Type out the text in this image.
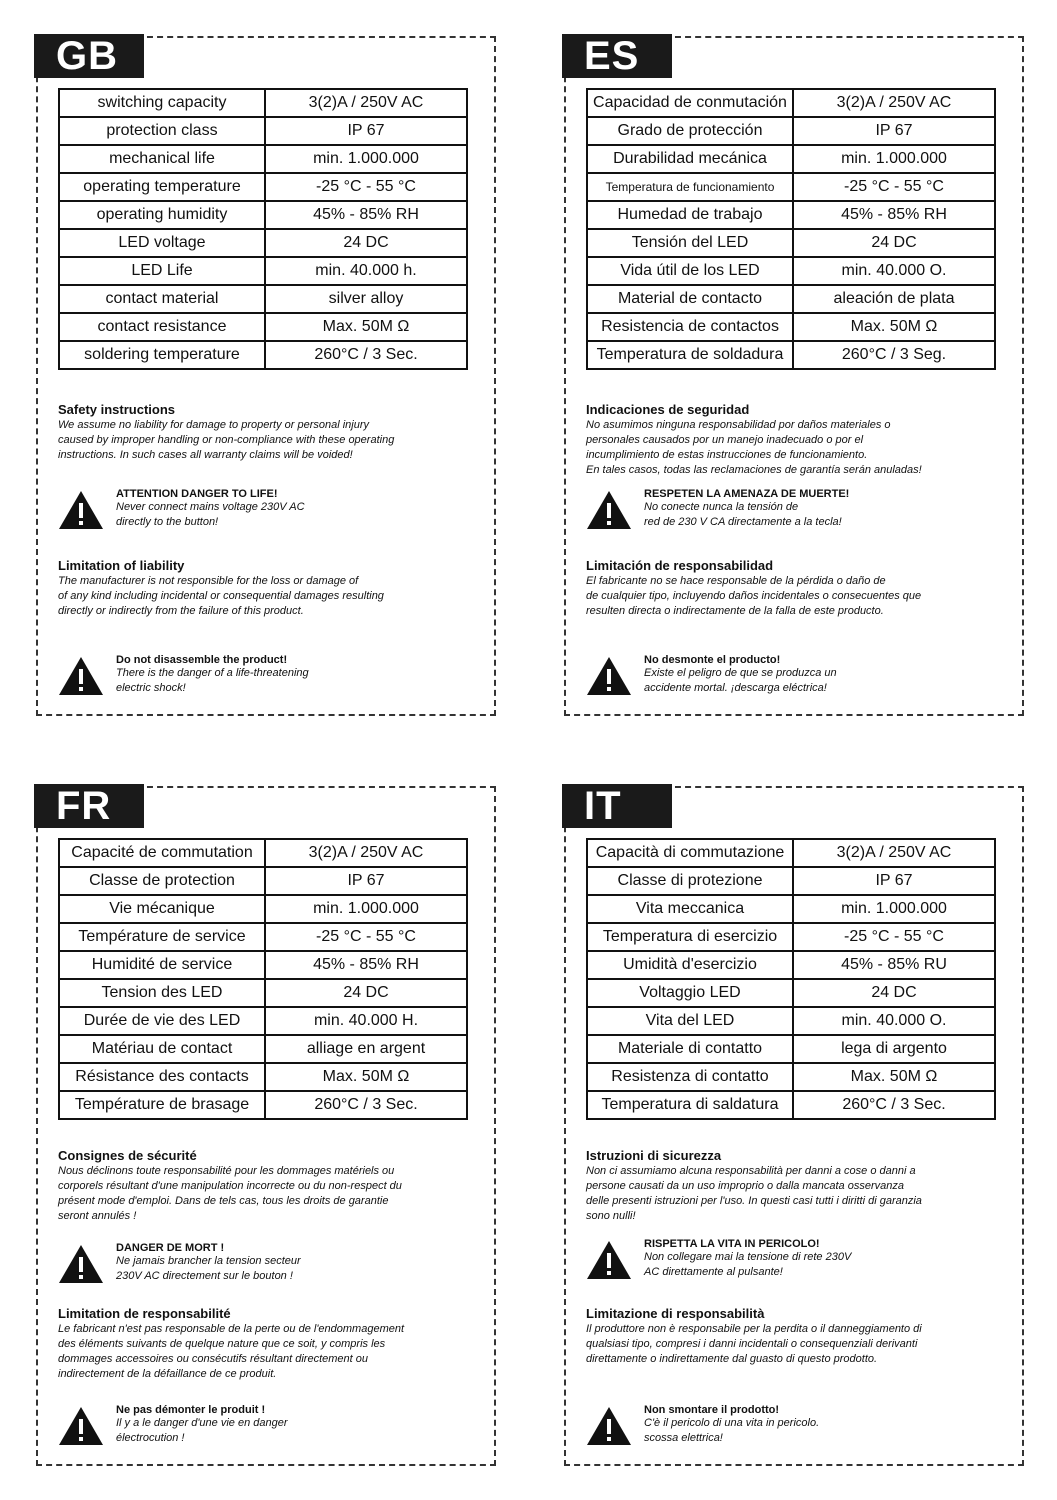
GB
switching capacity	3(2)A / 250V AC
protection class	IP 67
mechanical life	min. 1.000.000
operating temperature	-25 °C - 55 °C
operating humidity	45% - 85% RH
LED voltage	24 DC
LED Life	min. 40.000 h.
contact material	silver alloy
contact resistance	Max. 50M Ω
soldering temperature	260°C / 3 Sec.
Safety instructions

We assume no liability for damage to property or personal injury
caused by improper handling or non-compliance with these operating
instructions. In such cases all warranty claims will be voided!

ATTENTION DANGER TO LIFE!
Never connect mains voltage 230V AC
directly to the button!
Limitation of liability

The manufacturer is not responsible for the loss or damage of
of any kind including incidental or consequential damages resulting
directly or indirectly from the failure of this product.

Do not disassemble the product!
There is the danger of a life-threatening
electric shock!
ES
Capacidad de conmutación	3(2)A / 250V AC
Grado de protección	IP 67
Durabilidad mecánica	min. 1.000.000
Temperatura de funcionamiento	-25 °C - 55 °C
Humedad de trabajo	45% - 85% RH
Tensión del LED	24 DC
Vida útil de los LED	min. 40.000 O.
Material de contacto	aleación de plata
Resistencia de contactos	Max. 50M Ω
Temperatura de soldadura	260°C / 3 Seg.
Indicaciones de seguridad

No asumimos ninguna responsabilidad por daños materiales o
personales causados por un manejo inadecuado o por el
incumplimiento de estas instrucciones de funcionamiento.
En tales casos, todas las reclamaciones de garantía serán anuladas!

RESPETEN LA AMENAZA DE MUERTE!
No conecte nunca la tensión de
red de 230 V CA directamente a la tecla!
Limitación de responsabilidad

El fabricante no se hace responsable de la pérdida o daño de
de cualquier tipo, incluyendo daños incidentales o consecuentes que
resulten directa o indirectamente de la falla de este producto.

No desmonte el producto!
Existe el peligro de que se produzca un
accidente mortal. ¡descarga eléctrica!
FR
Capacité de commutation	3(2)A / 250V AC
Classe de protection	IP 67
Vie mécanique	min. 1.000.000
Température de service	-25 °C - 55 °C
Humidité de service	45% - 85% RH
Tension des LED	24 DC
Durée de vie des LED	min. 40.000 H.
Matériau de contact	alliage en argent
Résistance des contacts	Max. 50M Ω
Température de brasage	260°C / 3 Sec.
Consignes de sécurité

Nous déclinons toute responsabilité pour les dommages matériels ou
corporels résultant d'une manipulation incorrecte ou du non-respect du
présent mode d'emploi. Dans de tels cas, tous les droits de garantie
seront annulés !

DANGER DE MORT !
Ne jamais brancher la tension secteur
230V AC directement sur le bouton !
Limitation de responsabilité

Le fabricant n'est pas responsable de la perte ou de l'endommagement
des éléments suivants de quelque nature que ce soit, y compris les
dommages accessoires ou consécutifs résultant directement ou
indirectement de la défaillance de ce produit.

Ne pas démonter le produit !
Il y a le danger d'une vie en danger
électrocution !
IT
Capacità di commutazione	3(2)A / 250V AC
Classe di protezione	IP 67
Vita meccanica	min. 1.000.000
Temperatura di esercizio	-25 °C - 55 °C
Umidità d'esercizio	45% - 85% RU
Voltaggio LED	24 DC
Vita del LED	min. 40.000 O.
Materiale di contatto	lega di argento
Resistenza di contatto	Max. 50M Ω
Temperatura di saldatura	260°C / 3 Sec.
Istruzioni di sicurezza

Non ci assumiamo alcuna responsabilità per danni a cose o danni a
persone causati da un uso improprio o dalla mancata osservanza
delle presenti istruzioni per l'uso. In questi casi tutti i diritti di garanzia
sono nulli!

RISPETTA LA VITA IN PERICOLO!
Non collegare mai la tensione di rete 230V
AC direttamente al pulsante!
Limitazione di responsabilità

Il produttore non è responsabile per la perdita o il danneggiamento di
qualsiasi tipo, compresi i danni incidentali o consequenziali derivanti
direttamente o indirettamente dal guasto di questo prodotto.

Non smontare il prodotto!
C'è il pericolo di una vita in pericolo.
scossa elettrica!
